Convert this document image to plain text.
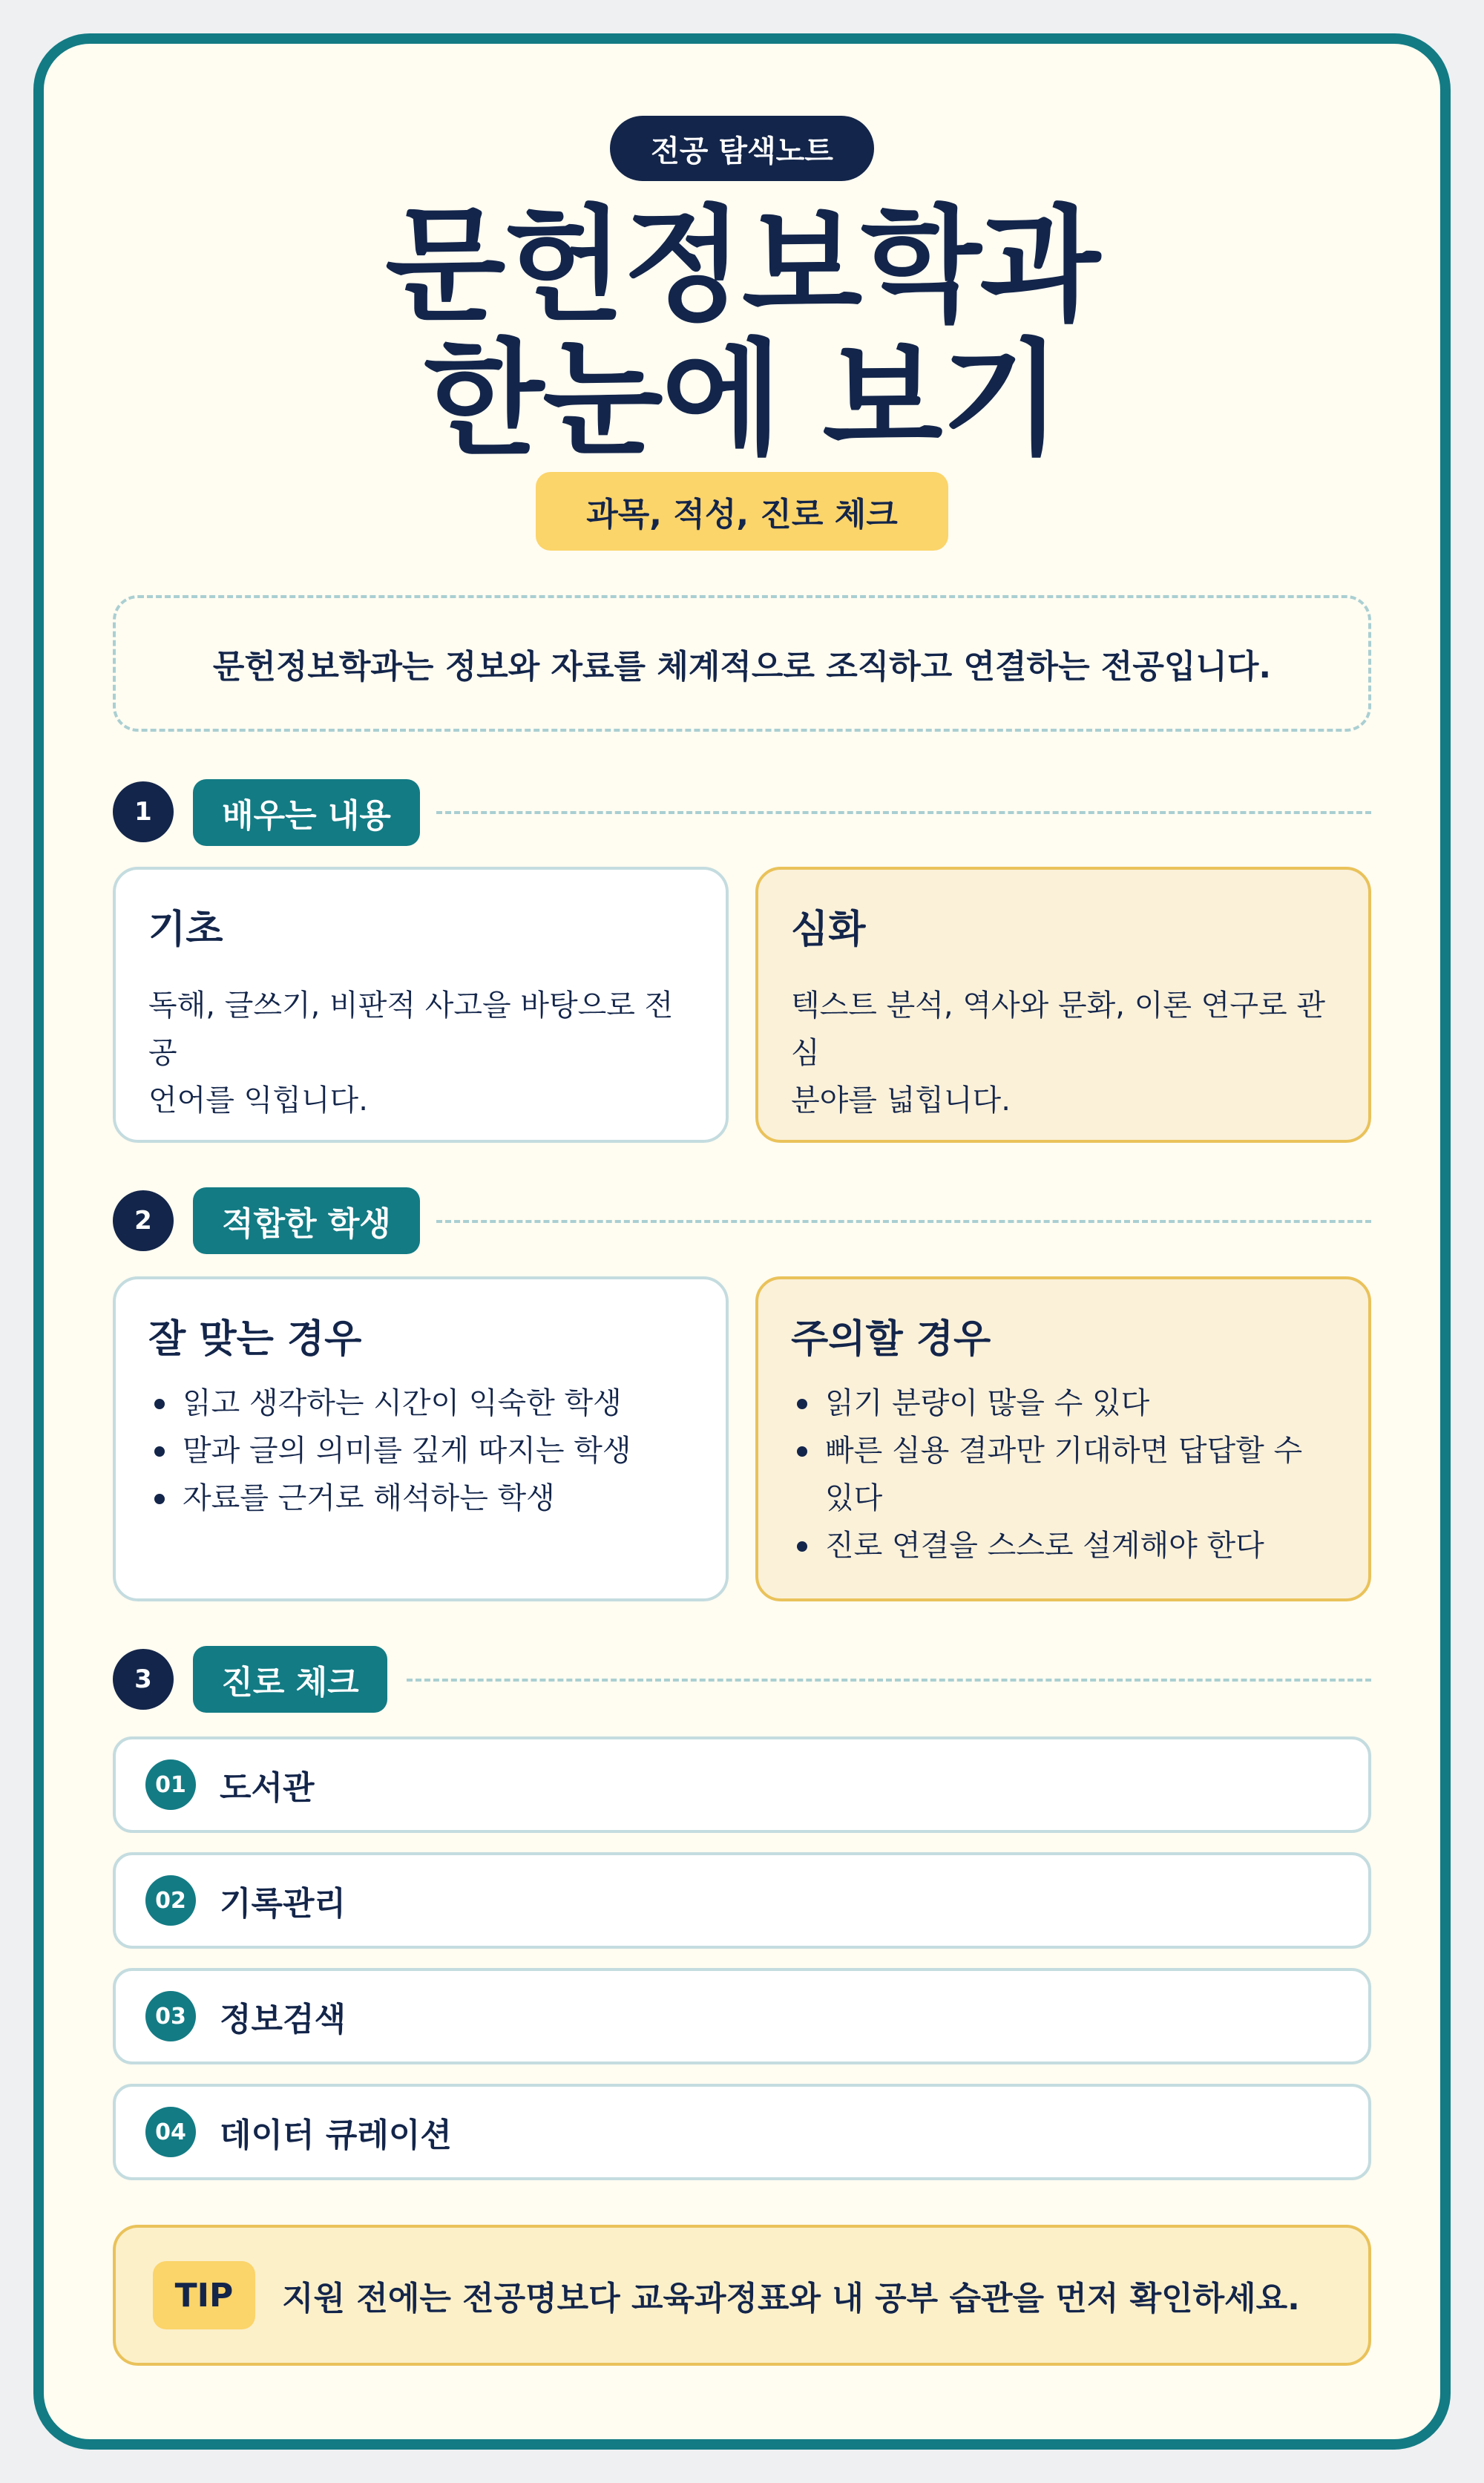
전공 탐색노트
문헌정보학과
한눈에 보기
과목, 적성, 진로 체크
문헌정보학과는 정보와 자료를 체계적으로 조직하고 연결하는 전공입니다.
1	배우는 내용
기초
독해, 글쓰기, 비판적 사고을 바탕으로 전공
언어를 익힙니다.
심화
텍스트 분석, 역사와 문화, 이론 연구로 관심
분야를 넓힙니다.
2	적합한 학생
잘 맞는 경우
읽고 생각하는 시간이 익숙한 학생
말과 글의 의미를 깊게 따지는 학생
자료를 근거로 해석하는 학생
주의할 경우
읽기 분량이 많을 수 있다
빠른 실용 결과만 기대하면 답답할 수 있다
진로 연결을 스스로 설계해야 한다
3	진로 체크
01 도서관
02 기록관리
03 정보검색
04 데이터 큐레이션
TIP	지원 전에는 전공명보다 교육과정표와 내 공부 습관을 먼저 확인하세요.
